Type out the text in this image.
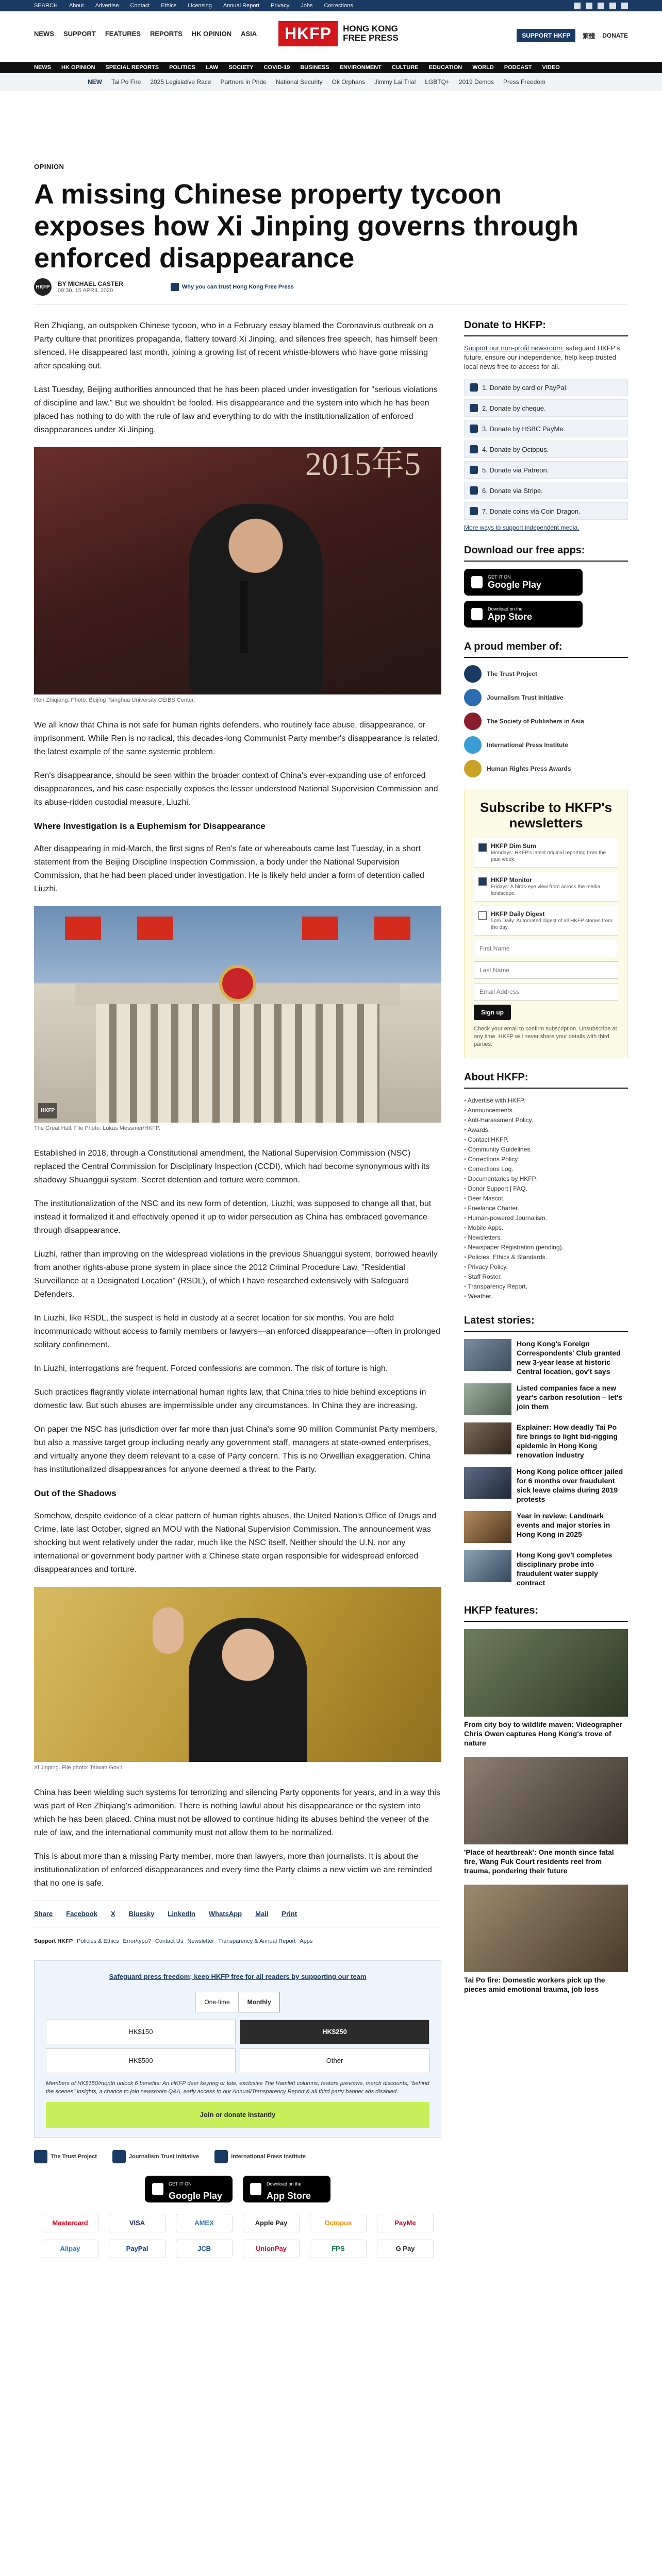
SEARCH About Advertise Contact Ethics Licensing Annual Report Privacy Jobs Corrections
NEWS SUPPORT FEATURES REPORTS HK OPINION ASIA	HKFP	HONG KONG
FREE PRESS	SUPPORT HKFP	繁體 DONATE
NEWS HK OPINION SPECIAL REPORTS POLITICS LAW SOCIETY COVID-19 BUSINESS ENVIRONMENT CULTURE EDUCATION WORLD PODCAST VIDEO
NEW Tai Po Fire 2025 Legislative Race Partners in Pride National Security Ok Orphans Jimmy Lai Trial LGBTQ+ 2019 Demos Press Freedom
OPINION
A missing Chinese property tycoon exposes how Xi Jinping governs through enforced disappearance
HKFP BY MICHAEL CASTER
09:30, 15 APRIL 2020
Why you can trust Hong Kong Free Press

Ren Zhiqiang, an outspoken Chinese tycoon, who in a February essay blamed the Coronavirus outbreak on a Party culture that prioritizes propaganda, flattery toward Xi Jinping, and silences free speech, has himself been silenced. He disappeared last month, joining a growing list of recent whistle-blowers who have gone missing after speaking out.

Last Tuesday, Beijing authorities announced that he has been placed under investigation for "serious violations of discipline and law." But we shouldn't be fooled. His disappearance and the system into which he has been placed has nothing to do with the rule of law and everything to do with the institutionalization of enforced disappearances under Xi Jinping.

2015年5
Ren Zhiqiang. Photo: Beijing Tsinghua University CEIBS Center.

We all know that China is not safe for human rights defenders, who routinely face abuse, disappearance, or imprisonment. While Ren is no radical, this decades-long Communist Party member's disappearance is related, the latest example of the same systemic problem.

Ren's disappearance, should be seen within the broader context of China's ever-expanding use of enforced disappearances, and his case especially exposes the lesser understood National Supervision Commission and its abuse-ridden custodial measure, Liuzhi.

Where Investigation is a Euphemism for Disappearance

After disappearing in mid-March, the first signs of Ren's fate or whereabouts came last Tuesday, in a short statement from the Beijing Discipline Inspection Commission, a body under the National Supervision Commission, that he had been placed under investigation. He is likely held under a form of detention called Liuzhi.

HKFP
The Great Hall. File Photo: Lukas Messmer/HKFP.

Established in 2018, through a Constitutional amendment, the National Supervision Commission (NSC) replaced the Central Commission for Disciplinary Inspection (CCDI), which had become synonymous with its shadowy Shuanggui system. Secret detention and torture were common.

The institutionalization of the NSC and its new form of detention, Liuzhi, was supposed to change all that, but instead it formalized it and effectively opened it up to wider persecution as China has embraced governance through disappearance.

Liuzhi, rather than improving on the widespread violations in the previous Shuanggui system, borrowed heavily from another rights-abuse prone system in place since the 2012 Criminal Procedure Law, "Residential Surveillance at a Designated Location" (RSDL), of which I have researched extensively with Safeguard Defenders.

In Liuzhi, like RSDL, the suspect is held in custody at a secret location for six months. You are held incommunicado without access to family members or lawyers—an enforced disappearance—often in prolonged solitary confinement.

In Liuzhi, interrogations are frequent. Forced confessions are common. The risk of torture is high.

Such practices flagrantly violate international human rights law, that China tries to hide behind exceptions in domestic law. But such abuses are impermissible under any circumstances. In China they are increasing.

On paper the NSC has jurisdiction over far more than just China's some 90 million Communist Party members, but also a massive target group including nearly any government staff, managers at state-owned enterprises, and virtually anyone they deem relevant to a case of Party concern. This is no Orwellian exaggeration. China has institutionalized disappearances for anyone deemed a threat to the Party.

Out of the Shadows

Somehow, despite evidence of a clear pattern of human rights abuses, the United Nation's Office of Drugs and Crime, late last October, signed an MOU with the National Supervision Commission. The announcement was shocking but went relatively under the radar, much like the NSC itself. Neither should the U.N. nor any international or government body partner with a Chinese state organ responsible for widespread enforced disappearances and torture.

Xi Jinping. File photo: Taiwan Gov't.

China has been wielding such systems for terrorizing and silencing Party opponents for years, and in a way this was part of Ren Zhiqiang's admonition. There is nothing lawful about his disappearance or the system into which he has been placed. China must not be allowed to continue hiding its abuses behind the veneer of the rule of law, and the international community must not allow them to be normalized.

This is about more than a missing Party member, more than lawyers, more than journalists. It is about the institutionalization of enforced disappearances and every time the Party claims a new victim we are reminded that no one is safe.

Share Facebook X Bluesky LinkedIn WhatsApp Mail Print
Support HKFP Policies & Ethics Error/typo? Contact Us Newsletter Transparency & Annual Report Apps
Safeguard press freedom; keep HKFP free for all readers by supporting our team
One-time	Monthly
HK$150	HK$250
HK$500	Other
Members of HK$150/month unlock 6 benefits: An HKFP deer keyring or tote, exclusive The Hamlett columns, feature previews, merch discounts, "behind the scenes" insights, a chance to join newsroom Q&A, early access to our Annual/Transparency Report & all third party banner ads disabled.
Join or donate instantly
The Trust Project	Journalism Trust Initiative	International Press Institute
GET IT ON
Google Play
Download on the
App Store
Mastercard	VISA	AMEX	Apple Pay	Octopus	PayMe
Alipay	PayPal	JCB	UnionPay	FPS	G Pay
Donate to HKFP:
Support our non-profit newsroom: safeguard HKFP's future, ensure our independence, help keep trusted local news free-to-access for all.
1. Donate by card or PayPal.
2. Donate by cheque.
3. Donate by HSBC PayMe.
4. Donate by Octopus.
5. Donate via Patreon.
6. Donate via Stripe.
7. Donate coins via Coin Dragon.
More ways to support independent media.
Download our free apps:
GET IT ON
Google Play
Download on the
App Store
A proud member of:
The Trust Project
Journalism Trust Initiative
The Society of Publishers in Asia
International Press Institute
Human Rights Press Awards
Subscribe to HKFP's newsletters
HKFP Dim Sum
Mondays: HKFP's latest original reporting from the past week.
HKFP Monitor
Fridays: A birds-eye view from across the media landscape.
HKFP Daily Digest
5pm Daily: Automated digest of all HKFP stories from the day.
First Name
Last Name
Email Address
Sign up
Check your email to confirm subscription. Unsubscribe at any time. HKFP will never share your details with third parties.
About HKFP:
• Advertise with HKFP.
• Announcements.
• Anti-Harassment Policy.
• Awards.
• Contact HKFP.
• Community Guidelines.
• Corrections Policy.
• Corrections Log.
• Documentaries by HKFP.
• Donor Support | FAQ.
• Deer Mascot.
• Freelance Charter.
• Human-powered Journalism.
• Mobile Apps.
• Newsletters.
• Newspaper Registration (pending).
• Policies, Ethics & Standards.
• Privacy Policy.
• Staff Roster.
• Transparency Report.
• Weather.
Latest stories:
Hong Kong's Foreign Correspondents' Club granted new 3-year lease at historic Central location, gov't says
Listed companies face a new year's carbon resolution – let's join them
Explainer: How deadly Tai Po fire brings to light bid-rigging epidemic in Hong Kong renovation industry
Hong Kong police officer jailed for 6 months over fraudulent sick leave claims during 2019 protests
Year in review: Landmark events and major stories in Hong Kong in 2025
Hong Kong gov't completes disciplinary probe into fraudulent water supply contract
HKFP features:
From city boy to wildlife maven: Videographer Chris Owen captures Hong Kong's trove of nature
'Place of heartbreak': One month since fatal fire, Wang Fuk Court residents reel from trauma, pondering their future
Tai Po fire: Domestic workers pick up the pieces amid emotional trauma, job loss
